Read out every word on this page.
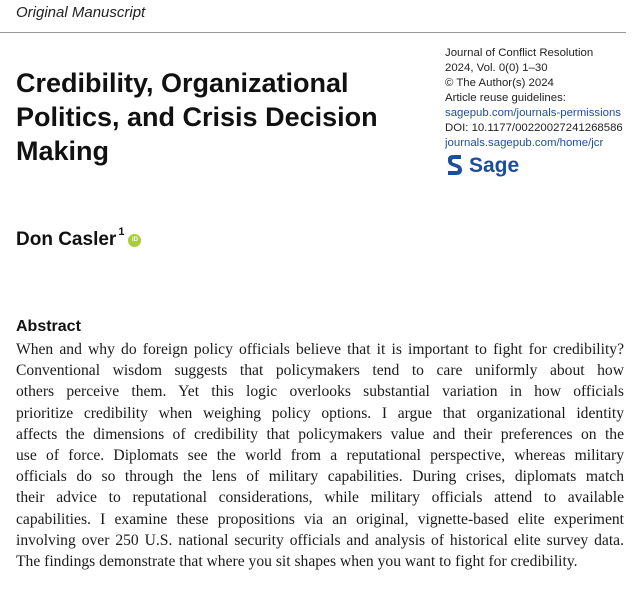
Original Manuscript
Credibility, Organizational
Politics, and Crisis Decision
Making
Journal of Conflict Resolution
2024, Vol. 0(0) 1–30
© The Author(s) 2024
Article reuse guidelines:
sagepub.com/journals-permissions
DOI: 10.1177/00220027241268586
journals.sagepub.com/home/jcr
Sage
Don Casler$^1$
iD
Abstract

When and why do foreign policy officials believe that it is important to fight for credibility?
Conventional wisdom suggests that policymakers tend to care uniformly about how
others perceive them. Yet this logic overlooks substantial variation in how officials
prioritize credibility when weighing policy options. I argue that organizational identity
affects the dimensions of credibility that policymakers value and their preferences on the
use of force. Diplomats see the world from a reputational perspective, whereas military
officials do so through the lens of military capabilities. During crises, diplomats match
their advice to reputational considerations, while military officials attend to available
capabilities. I examine these propositions via an original, vignette-based elite experiment
involving over 250 U.S. national security officials and analysis of historical elite survey data.
The findings demonstrate that where you sit shapes when you want to fight for credibility.
